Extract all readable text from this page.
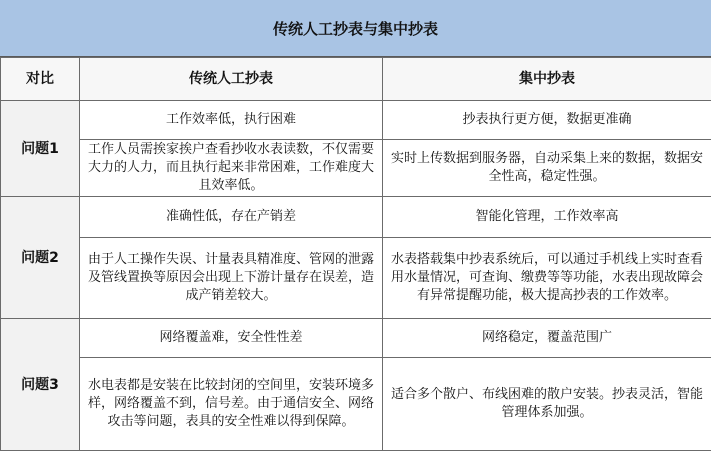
传统人工抄表与集中抄表
对比	传统人工抄表	集中抄表
问题1	工作效率低，执行困难	抄表执行更方便，数据更准确
	工作人员需挨家挨户查看抄收水表读数，不仅需要大力的人力，而且执行起来非常困难，工作难度大且效率低。	实时上传数据到服务器，自动采集上来的数据，数据安全性高，稳定性强。
问题2	准确性低，存在产销差	智能化管理，工作效率高
	由于人工操作失误、计量表具精准度、管网的泄露及管线置换等原因会出现上下游计量存在误差，造成产销差较大。	水表搭载集中抄表系统后，可以通过手机线上实时查看用水量情况，可查询、缴费等等功能，水表出现故障会有异常提醒功能，极大提高抄表的工作效率。
问题3	网络覆盖难，安全性性差	网络稳定，覆盖范围广
	水电表都是安装在比较封闭的空间里，安装环境多样，网络覆盖不到，信号差。由于通信安全、网络攻击等问题，表具的安全性难以得到保障。	适合多个散户、布线困难的散户安装。抄表灵活，智能管理体系加强。
